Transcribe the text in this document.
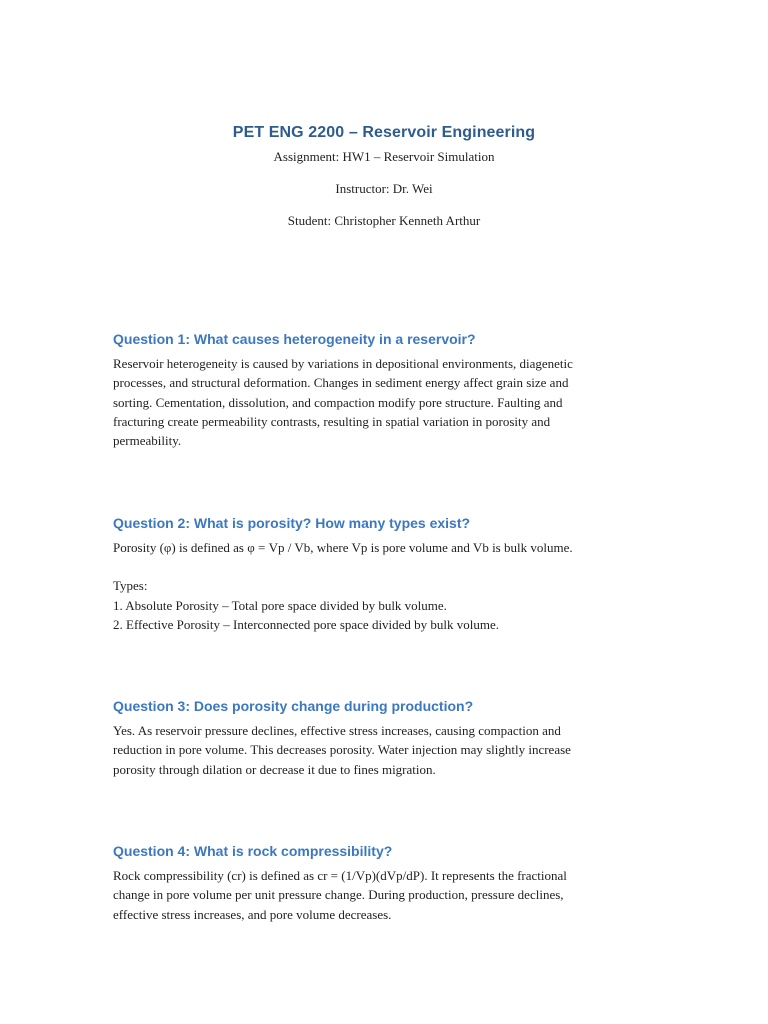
PET ENG 2200 – Reservoir Engineering

Assignment: HW1 – Reservoir Simulation

Instructor: Dr. Wei

Student: Christopher Kenneth Arthur

Question 1: What causes heterogeneity in a reservoir?

Reservoir heterogeneity is caused by variations in depositional environments, diagenetic
processes, and structural deformation. Changes in sediment energy affect grain size and
sorting. Cementation, dissolution, and compaction modify pore structure. Faulting and
fracturing create permeability contrasts, resulting in spatial variation in porosity and
permeability.

Question 2: What is porosity? How many types exist?

Porosity (φ) is defined as φ = Vp / Vb, where Vp is pore volume and Vb is bulk volume.
Types:
1. Absolute Porosity – Total pore space divided by bulk volume.
2. Effective Porosity – Interconnected pore space divided by bulk volume.

Question 3: Does porosity change during production?

Yes. As reservoir pressure declines, effective stress increases, causing compaction and
reduction in pore volume. This decreases porosity. Water injection may slightly increase
porosity through dilation or decrease it due to fines migration.

Question 4: What is rock compressibility?

Rock compressibility (cr) is defined as cr = (1/Vp)(dVp/dP). It represents the fractional
change in pore volume per unit pressure change. During production, pressure declines,
effective stress increases, and pore volume decreases.
